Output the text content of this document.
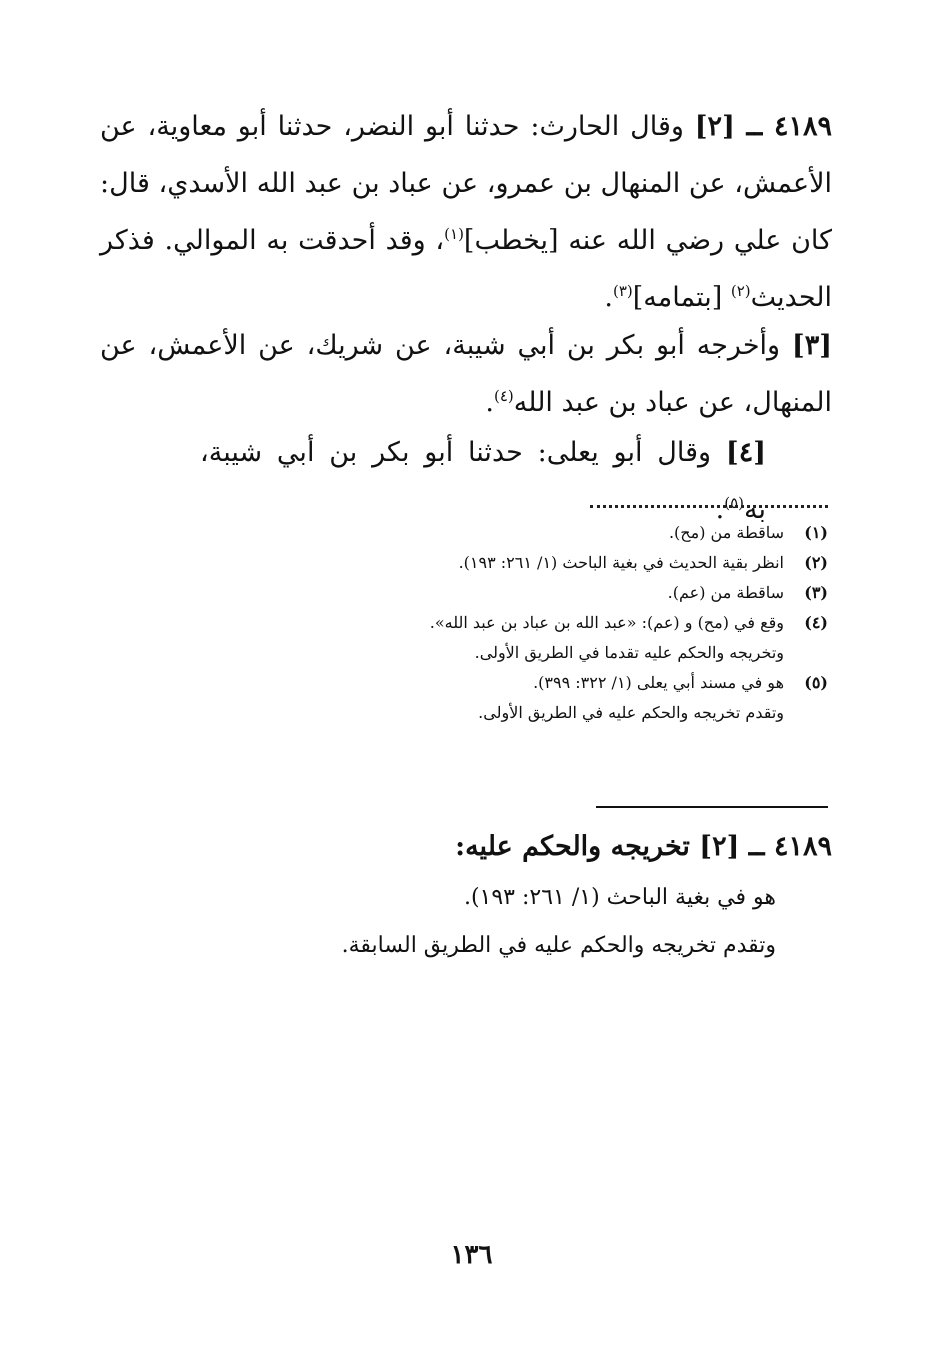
٤١٨٩ ــ [٢] وقال الحارث: حدثنا أبو النضر، حدثنا أبو معاوية، عن الأعمش، عن المنهال بن عمرو، عن عباد بن عبد الله الأسدي، قال: كان علي رضي الله عنه [يخطب]$^{(١)}$، وقد أحدقت به الموالي. فذكر الحديث$^{(٢)}$ [بتمامه]$^{(٣)}$.

[٣] وأخرجه أبو بكر بن أبي شيبة، عن شريك، عن الأعمش، عن المنهال، عن عباد بن عبد الله$^{(٤)}$.

[٤] وقال أبو يعلى: حدثنا أبو بكر بن أبي شيبة، به$^{(٥)}$.

(١)
ساقطة من (مح).
(٢)
انظر بقية الحديث في بغية الباحث (١/ ٢٦١: ١٩٣).
(٣)
ساقطة من (عم).
(٤)
وقع في (مح) و (عم): «عبد الله بن عباد بن عبد الله».
وتخريجه والحكم عليه تقدما في الطريق الأولى.
(٥)
هو في مسند أبي يعلى (١/ ٣٢٢: ٣٩٩).
وتقدم تخريجه والحكم عليه في الطريق الأولى.

٤١٨٩ ــ [٢] تخريجه والحكم عليه:

هو في بغية الباحث (١/ ٢٦١: ١٩٣).

وتقدم تخريجه والحكم عليه في الطريق السابقة.

١٣٦
